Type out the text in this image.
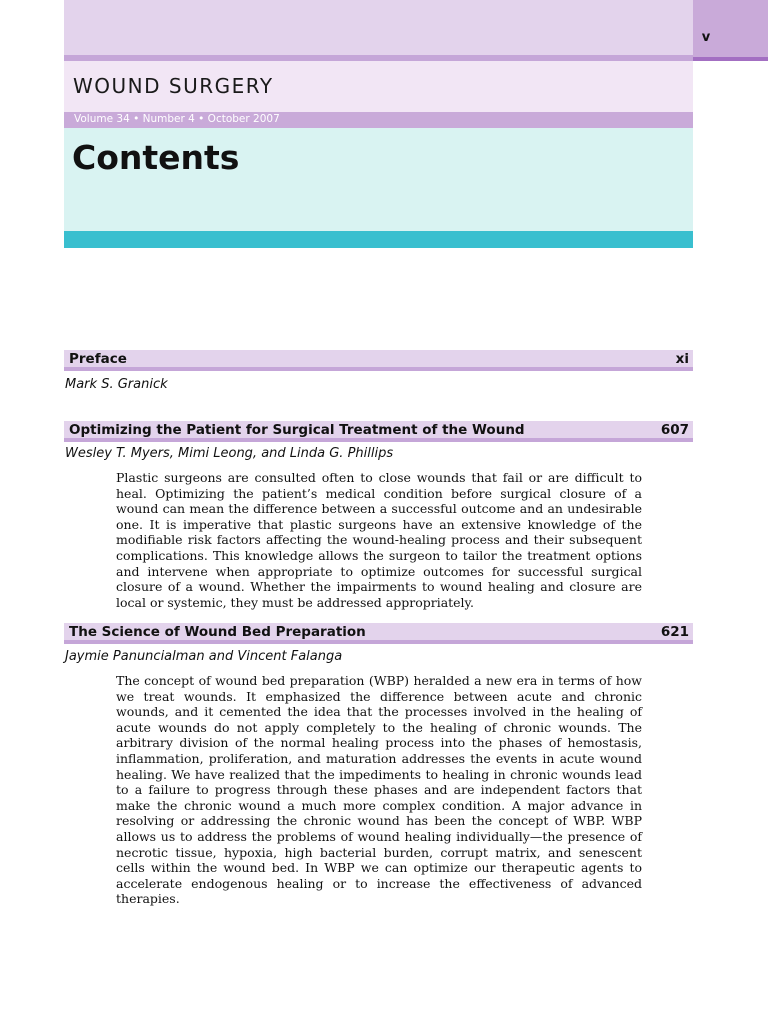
v
WOUND SURGERY
Volume 34 • Number 4 • October 2007
Contents
Preface	xi
Mark S. Granick
Optimizing the Patient for Surgical Treatment of the Wound	607
Wesley T. Myers, Mimi Leong, and Linda G. Phillips

Plastic surgeons are consulted often to close wounds that fail or are difficult to heal. Optimizing the patient’s medical condition before surgical closure of a wound can mean the difference between a successful outcome and an undesirable one. It is imperative that plastic surgeons have an extensive knowledge of the modifiable risk factors affecting the wound-healing process and their subsequent complications. This knowledge allows the surgeon to tailor the treatment options and intervene when appropriate to optimize outcomes for successful surgical closure of a wound. Whether the impairments to wound healing and closure are local or systemic, they must be addressed appropriately.

The Science of Wound Bed Preparation	621
Jaymie Panuncialman and Vincent Falanga

The concept of wound bed preparation (WBP) heralded a new era in terms of how we treat wounds. It emphasized the difference between acute and chronic wounds, and it cemented the idea that the processes involved in the healing of acute wounds do not apply completely to the healing of chronic wounds. The arbitrary division of the normal healing process into the phases of hemostasis, inflammation, proliferation, and maturation addresses the events in acute wound healing. We have realized that the impediments to healing in chronic wounds lead to a failure to progress through these phases and are independent factors that make the chronic wound a much more complex condition. A major advance in resolving or addressing the chronic wound has been the concept of WBP. WBP allows us to address the problems of wound healing individually—the presence of necrotic tissue, hypoxia, high bacterial burden, corrupt matrix, and senescent cells within the wound bed. In WBP we can optimize our therapeutic agents to accelerate endogenous healing or to increase the effectiveness of advanced therapies.
